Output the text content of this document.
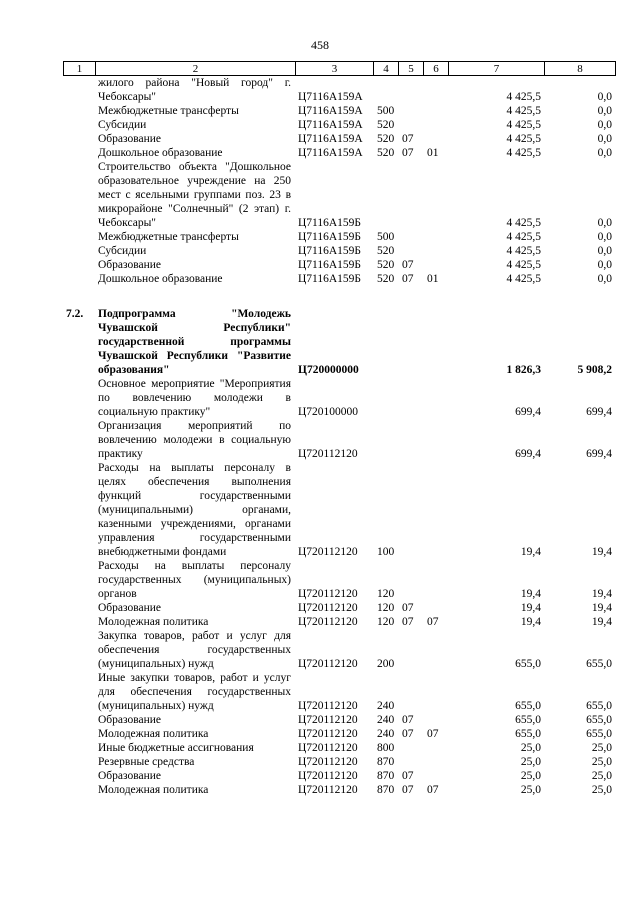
458
1	2	3	4	5	6	7	8
	жилого района "Новый город" г. Чебоксары"	Ц7116А159А				4 425,5	0,0
	Межбюджетные трансферты	Ц7116А159А	500			4 425,5	0,0
	Субсидии	Ц7116А159А	520			4 425,5	0,0
	Образование	Ц7116А159А	520	07		4 425,5	0,0
	Дошкольное образование	Ц7116А159А	520	07	01	4 425,5	0,0
	Строительство объекта "Дошкольное образовательное учреждение на 250 мест с ясельными группами поз. 23 в микрорайоне "Солнечный" (2 этап) г. Чебоксары"	Ц7116А159Б				4 425,5	0,0
	Межбюджетные трансферты	Ц7116А159Б	500			4 425,5	0,0
	Субсидии	Ц7116А159Б	520			4 425,5	0,0
	Образование	Ц7116А159Б	520	07		4 425,5	0,0
	Дошкольное образование	Ц7116А159Б	520	07	01	4 425,5	0,0

7.2.	Подпрограмма "Молодежь Чувашской Республики" государственной программы Чувашской Республики "Развитие образования"	Ц720000000				1 826,3	5 908,2
	Основное мероприятие "Мероприятия по вовлечению молодежи в социальную практику"	Ц720100000				699,4	699,4
	Организация мероприятий по вовлечению молодежи в социальную практику	Ц720112120				699,4	699,4
	Расходы на выплаты персоналу в целях обеспечения выполнения функций государственными (муниципальными) органами, казенными учреждениями, органами управления государственными внебюджетными фондами	Ц720112120	100			19,4	19,4
	Расходы на выплаты персоналу государственных (муниципальных) органов	Ц720112120	120			19,4	19,4
	Образование	Ц720112120	120	07		19,4	19,4
	Молодежная политика	Ц720112120	120	07	07	19,4	19,4
	Закупка товаров, работ и услуг для обеспечения государственных (муниципальных) нужд	Ц720112120	200			655,0	655,0
	Иные закупки товаров, работ и услуг для обеспечения государственных (муниципальных) нужд	Ц720112120	240			655,0	655,0
	Образование	Ц720112120	240	07		655,0	655,0
	Молодежная политика	Ц720112120	240	07	07	655,0	655,0
	Иные бюджетные ассигнования	Ц720112120	800			25,0	25,0
	Резервные средства	Ц720112120	870			25,0	25,0
	Образование	Ц720112120	870	07		25,0	25,0
	Молодежная политика	Ц720112120	870	07	07	25,0	25,0
